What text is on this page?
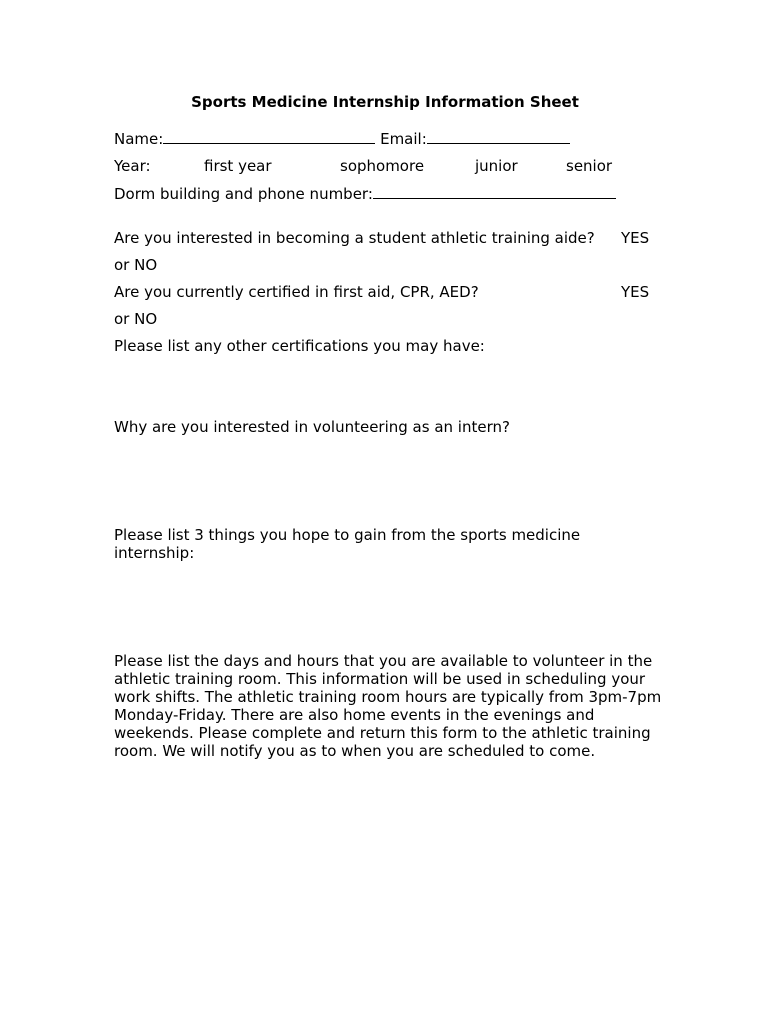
Sports Medicine Internship Information Sheet
Name:	Email:
Year:	first year	sophomore	junior	senior
Dorm building and phone number:
Are you interested in becoming a student athletic training aide? YES
or NO
Are you currently certified in first aid, CPR, AED?	YES
or NO
Please list any other certifications you may have:
Why are you interested in volunteering as an intern?
Please list 3 things you hope to gain from the sports medicine internship:
Please list the days and hours that you are available to volunteer in the athletic training room. This information will be used in scheduling your work shifts. The athletic training room hours are typically from 3pm-7pm Monday-Friday. There are also home events in the evenings and weekends. Please complete and return this form to the athletic training room. We will notify you as to when you are scheduled to come.
